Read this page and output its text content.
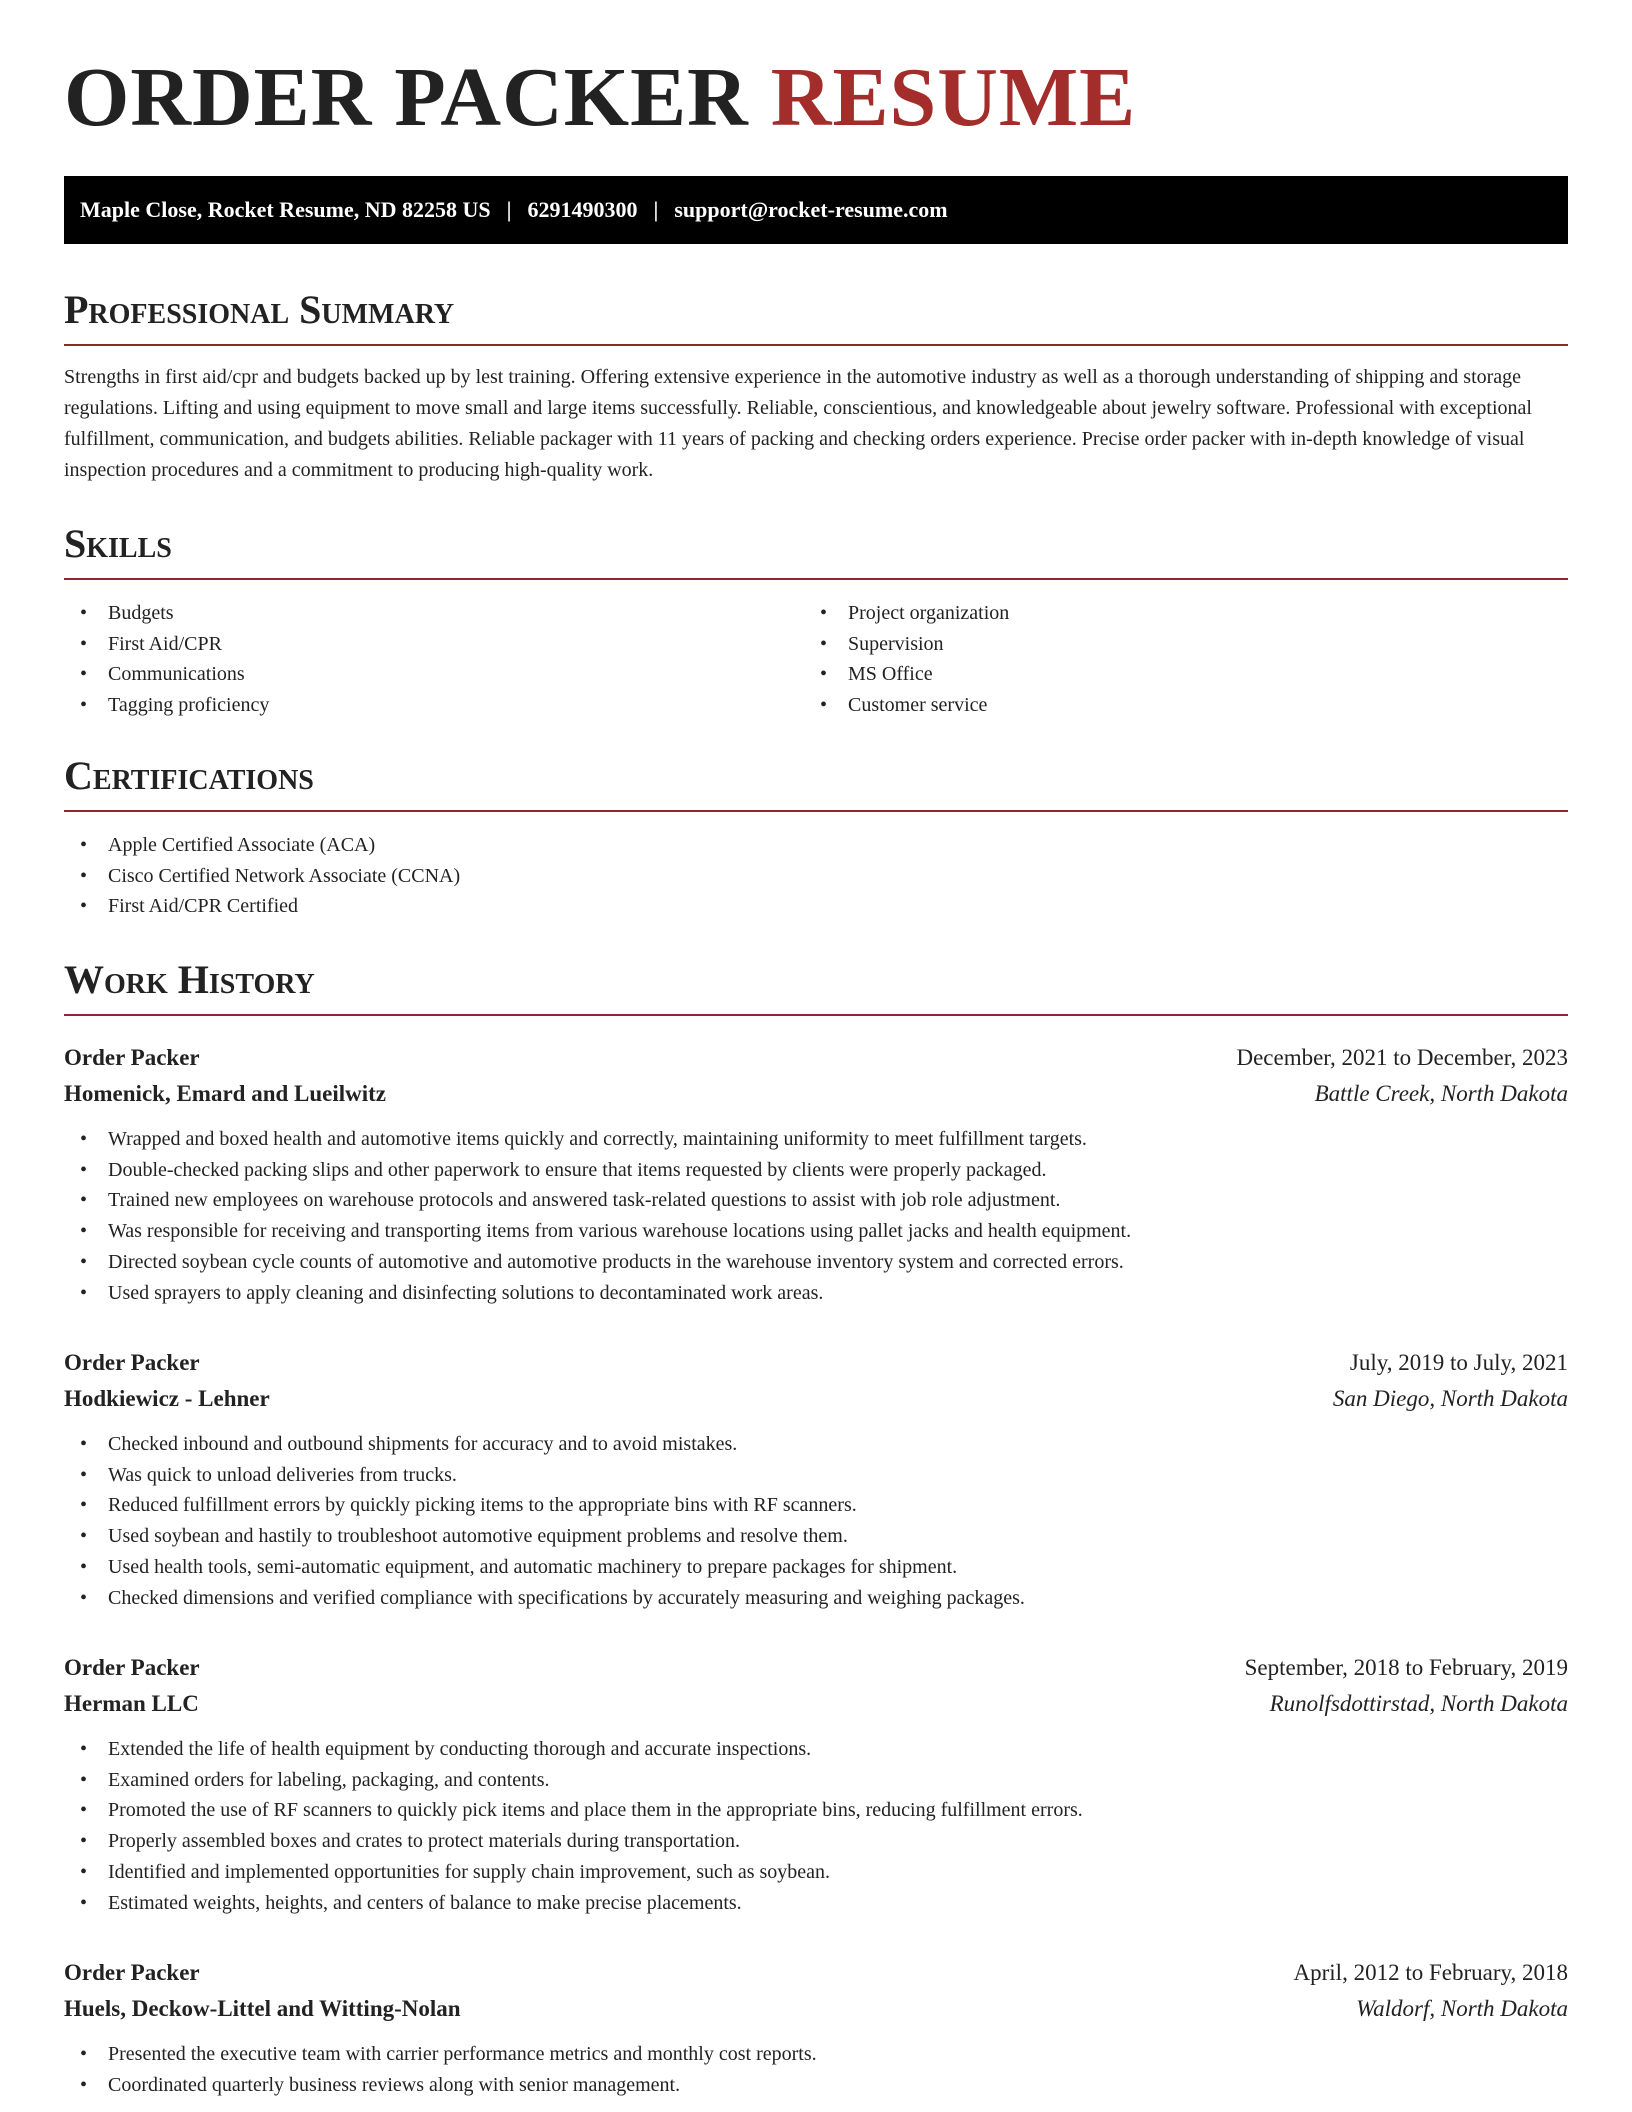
ORDER PACKER RESUME
Maple Close, Rocket Resume, ND 82258 US | 6291490300 | support@rocket-resume.com
Professional Summary

Strengths in first aid/cpr and budgets backed up by lest training. Offering extensive experience in the automotive industry as well as a thorough understanding of shipping and storage regulations. Lifting and using equipment to move small and large items successfully. Reliable, conscientious, and knowledgeable about jewelry software. Professional with exceptional fulfillment, communication, and budgets abilities. Reliable packager with 11 years of packing and checking orders experience. Precise order packer with in-depth knowledge of visual inspection procedures and a commitment to producing high-quality work.

Skills
• Budgets
• First Aid/CPR
• Communications
• Tagging proficiency
• Project organization
• Supervision
• MS Office
• Customer service
Certifications
• Apple Certified Associate (ACA)
• Cisco Certified Network Associate (CCNA)
• First Aid/CPR Certified
Work History
Order Packer	December, 2021 to December, 2023
Homenick, Emard and Lueilwitz	Battle Creek, North Dakota
• Wrapped and boxed health and automotive items quickly and correctly, maintaining uniformity to meet fulfillment targets.
• Double-checked packing slips and other paperwork to ensure that items requested by clients were properly packaged.
• Trained new employees on warehouse protocols and answered task-related questions to assist with job role adjustment.
• Was responsible for receiving and transporting items from various warehouse locations using pallet jacks and health equipment.
• Directed soybean cycle counts of automotive and automotive products in the warehouse inventory system and corrected errors.
• Used sprayers to apply cleaning and disinfecting solutions to decontaminated work areas.
Order Packer	July, 2019 to July, 2021
Hodkiewicz - Lehner	San Diego, North Dakota
• Checked inbound and outbound shipments for accuracy and to avoid mistakes.
• Was quick to unload deliveries from trucks.
• Reduced fulfillment errors by quickly picking items to the appropriate bins with RF scanners.
• Used soybean and hastily to troubleshoot automotive equipment problems and resolve them.
• Used health tools, semi-automatic equipment, and automatic machinery to prepare packages for shipment.
• Checked dimensions and verified compliance with specifications by accurately measuring and weighing packages.
Order Packer	September, 2018 to February, 2019
Herman LLC	Runolfsdottirstad, North Dakota
• Extended the life of health equipment by conducting thorough and accurate inspections.
• Examined orders for labeling, packaging, and contents.
• Promoted the use of RF scanners to quickly pick items and place them in the appropriate bins, reducing fulfillment errors.
• Properly assembled boxes and crates to protect materials during transportation.
• Identified and implemented opportunities for supply chain improvement, such as soybean.
• Estimated weights, heights, and centers of balance to make precise placements.
Order Packer	April, 2012 to February, 2018
Huels, Deckow-Littel and Witting-Nolan	Waldorf, North Dakota
• Presented the executive team with carrier performance metrics and monthly cost reports.
• Coordinated quarterly business reviews along with senior management.
